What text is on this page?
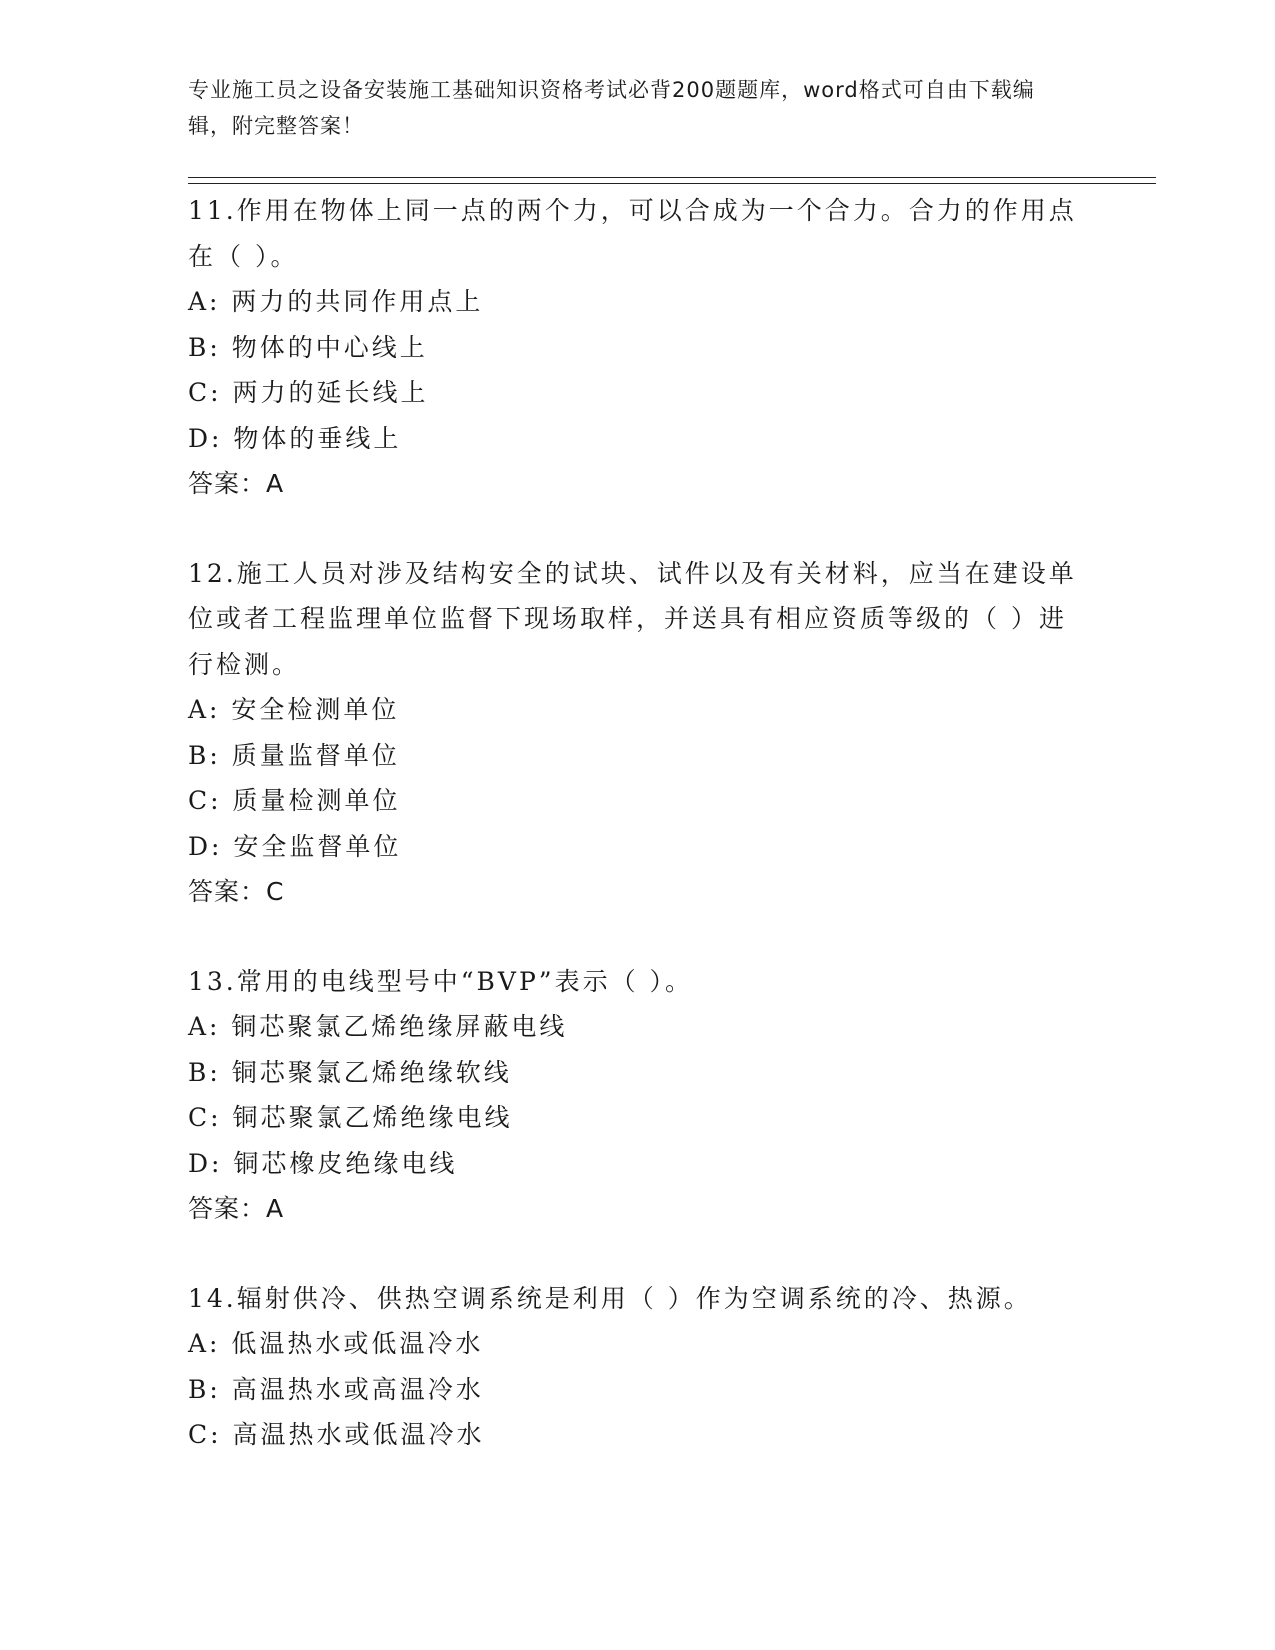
专业施工员之设备安装施工基础知识资格考试必背200题题库，word格式可自由下载编辑，附完整答案！

11.作用在物体上同一点的两个力，可以合成为一个合力。合力的作用点在（ ）。

A: 两力的共同作用点上

B: 物体的中心线上

C: 两力的延长线上

D: 物体的垂线上

答案：A

12.施工人员对涉及结构安全的试块、试件以及有关材料，应当在建设单位或者工程监理单位监督下现场取样，并送具有相应资质等级的（ ）进行检测。

A: 安全检测单位

B: 质量监督单位

C: 质量检测单位

D: 安全监督单位

答案：C

13.常用的电线型号中“BVP”表示（ ）。

A: 铜芯聚氯乙烯绝缘屏蔽电线

B: 铜芯聚氯乙烯绝缘软线

C: 铜芯聚氯乙烯绝缘电线

D: 铜芯橡皮绝缘电线

答案：A

14.辐射供冷、供热空调系统是利用（ ）作为空调系统的冷、热源。

A: 低温热水或低温冷水

B: 高温热水或高温冷水

C: 高温热水或低温冷水
